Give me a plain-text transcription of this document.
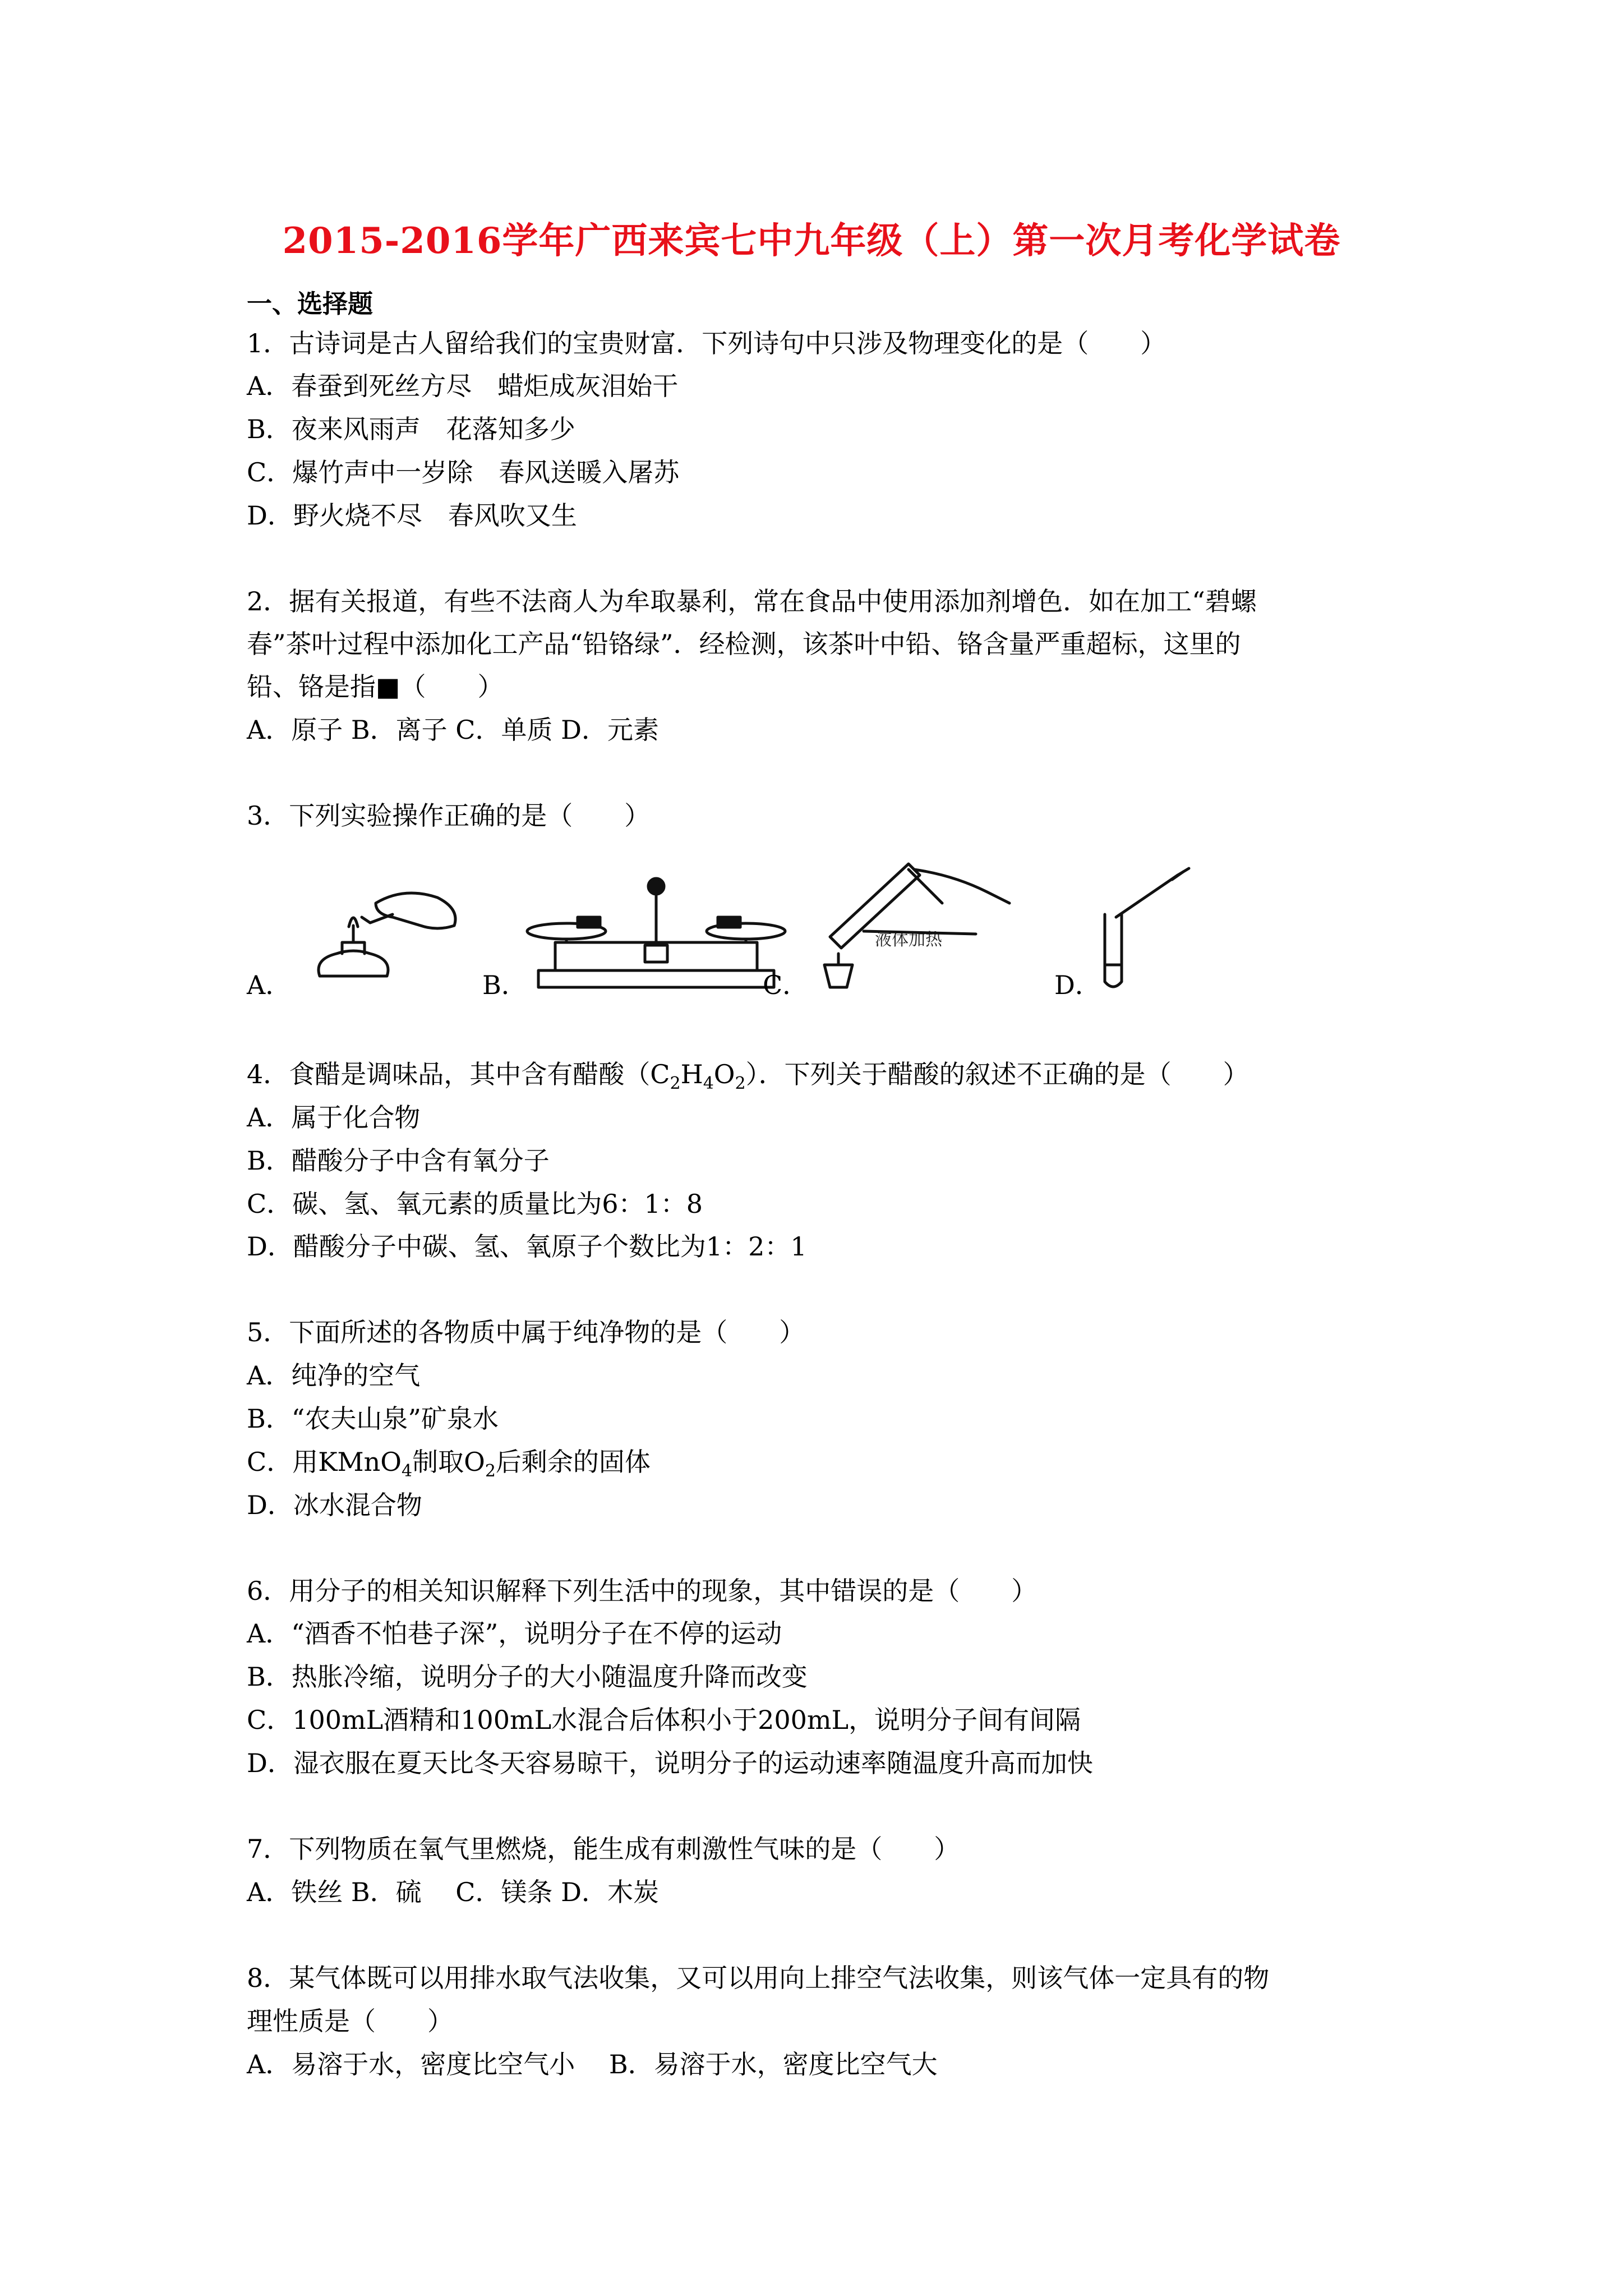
2015-2016学年广西来宾七中九年级（上）第一次月考化学试卷
一、选择题
1．古诗词是古人留给我们的宝贵财富．下列诗句中只涉及物理变化的是（　　）
A．春蚕到死丝方尽　蜡炬成灰泪始干
B．夜来风雨声　花落知多少
C．爆竹声中一岁除　春风送暖入屠苏
D．野火烧不尽　春风吹又生
2．据有关报道，有些不法商人为牟取暴利，常在食品中使用添加剂增色．如在加工“碧螺
春”茶叶过程中添加化工产品“铅铬绿”．经检测，该茶叶中铅、铬含量严重超标，这里的
铅、铬是指■（　　）
A．原子 B．离子 C．单质 D．元素
3．下列实验操作正确的是（　　）
A．	B．	C．
液体加热
D．
4．食醋是调味品，其中含有醋酸$(C_2H_4O_2)$．下列关于醋酸的叙述不正确的是（　　）
A．属于化合物
B．醋酸分子中含有氧分子
C．碳、氢、氧元素的质量比为6：1：8
D．醋酸分子中碳、氢、氧原子个数比为1：2：1
5．下面所述的各物质中属于纯净物的是（　　）
A．纯净的空气
B．“农夫山泉”矿泉水
C．用KMnO$_4$制取$O_2$后剩余的固体
D．冰水混合物
6．用分子的相关知识解释下列生活中的现象，其中错误的是（　　）
A．“酒香不怕巷子深”，说明分子在不停的运动
B．热胀冷缩，说明分子的大小随温度升降而改变
C．100mL酒精和100mL水混合后体积小于200mL，说明分子间有间隔
D．湿衣服在夏天比冬天容易晾干，说明分子的运动速率随温度升高而加快
7．下列物质在氧气里燃烧，能生成有刺激性气味的是（　　）
A．铁丝 B．硫　 C．镁条 D．木炭
8．某气体既可以用排水取气法收集，又可以用向上排空气法收集，则该气体一定具有的物
理性质是（　　）
A．易溶于水，密度比空气小　 B．易溶于水，密度比空气大
